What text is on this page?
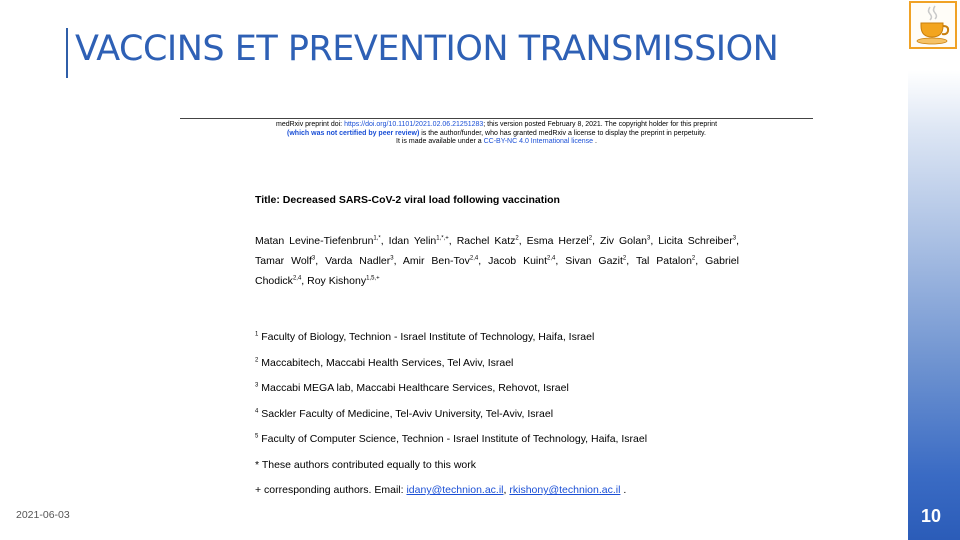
VACCINS ET PREVENTION TRANSMISSION
10
2021-06-03
medRxiv preprint doi: https://doi.org/10.1101/2021.02.06.21251283; this version posted February 8, 2021. The copyright holder for this preprint
(which was not certified by peer review) is the author/funder, who has granted medRxiv a license to display the preprint in perpetuity.
It is made available under a CC-BY-NC 4.0 International license .
Title: Decreased SARS-CoV-2 viral load following vaccination
Matan Levine-Tiefenbrun$^{1,*}$, Idan Yelin$^{1,*,+}$, Rachel Katz$^2$, Esma Herzel$^2$, Ziv Golan$^3$, Licita Schreiber$^3$, Tamar Wolf$^3$, Varda Nadler$^3$, Amir Ben-Tov$^{2,4}$, Jacob Kuint$^{2,4}$, Sivan Gazit$^2$, Tal Patalon$^2$, Gabriel Chodick$^{2,4}$, Roy Kishony$^{1,5,+}$
$^1$ Faculty of Biology, Technion - Israel Institute of Technology, Haifa, Israel
$^2$ Maccabitech, Maccabi Health Services, Tel Aviv, Israel
$^3$ Maccabi MEGA lab, Maccabi Healthcare Services, Rehovot, Israel
$^4$ Sackler Faculty of Medicine, Tel-Aviv University, Tel-Aviv, Israel
$^5$ Faculty of Computer Science, Technion - Israel Institute of Technology, Haifa, Israel
* These authors contributed equally to this work
+ corresponding authors. Email: idany@technion.ac.il, rkishony@technion.ac.il .
